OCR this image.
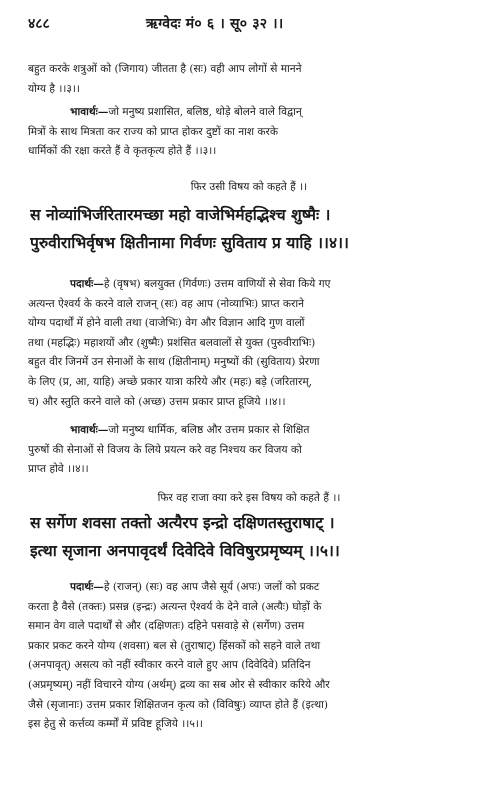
४८८	ऋग्वेदः मं० ६ । सू० ३२ ।।
बहुत करके शत्रुओं को (जिगाय) जीतता है (सः) वही आप लोगों से मानने
योग्य है ।।३।।
भावार्थः—जो मनुष्य प्रशासित, बलिष्ठ, थोड़े बोलने वाले विद्वान्
मित्रों के साथ मित्रता कर राज्य को प्राप्त होकर दुष्टों का नाश करके
धार्मिकों की रक्षा करते हैं वे कृतकृत्य होते हैं ।।३।।
फिर उसी विषय को कहते हैं ।।
स नोव्यांभिर्जरितारमच्छा महो वाजेभिर्महद्भिश्च शुष्मैः ।
पुरुवीराभिर्वृषभ क्षितीनामा गिर्वणः सुविताय प्र याहि ।।४।।
पदार्थः—हे (वृषभ) बलयुक्त (गिर्वणः) उत्तम वाणियों से सेवा किये गए
अत्यन्त ऐश्वर्य के करने वाले राजन् (सः) वह आप (नोव्याभिः) प्राप्त कराने
योग्य पदार्थों में होने वाली तथा (वाजेभिः) वेग और विज्ञान आदि गुण वालों
तथा (महद्भिः) महाशयों और (शुष्मैः) प्रशंसित बलवालों से युक्त (पुरुवीराभिः)
बहुत वीर जिनमें उन सेनाओं के साथ (क्षितीनाम्) मनुष्यों की (सुविताय) प्रेरणा
के लिए (प्र, आ, याहि) अच्छे प्रकार यात्रा करिये और (महः) बड़े (जरितारम्,
च) और स्तुति करने वाले को (अच्छ) उत्तम प्रकार प्राप्त हूजिये ।।४।।
भावार्थः—जो मनुष्य धार्मिक, बलिष्ठ और उत्तम प्रकार से शिक्षित
पुरुषों की सेनाओं से विजय के लिये प्रयत्न करे वह निश्चय कर विजय को
प्राप्त होवे ।।४।।
फिर वह राजा क्या करे इस विषय को कहते हैं ।।
स सर्गेण शवसा तक्तो अत्यैरप इन्द्रो दक्षिणतस्तुराषाट् ।
इत्था सृजाना अनपावृदर्थं दिवेदिवे विविषुरप्रमृष्यम् ।।५।।
पदार्थः—हे (राजन्) (सः) वह आप जैसे सूर्य (अपः) जलों को प्रकट
करता है वैसे (तक्तः) प्रसन्न (इन्द्रः) अत्यन्त ऐश्वर्य के देने वाले (अत्यैः) घोड़ों के
समान वेग वाले पदार्थों से और (दक्षिणतः) दहिने पसवाड़े से (सर्गेण) उत्तम
प्रकार प्रकट करने योग्य (शवसा) बल से (तुराषाट्) हिंसकों को सहने वाले तथा
(अनपावृत्) असत्य को नहीं स्वीकार करने वाले हुए आप (दिवेदिवे) प्रतिदिन
(अप्रमृष्यम्) नहीं विचारने योग्य (अर्थम्) द्रव्य का सब ओर से स्वीकार करिये और
जैसे (सृजानाः) उत्तम प्रकार शिक्षितजन कृत्य को (विविषुः) व्याप्त होते हैं (इत्था)
इस हेतु से कर्त्तव्य कर्म्मों में प्रविष्ट हूजिये ।।५।।
